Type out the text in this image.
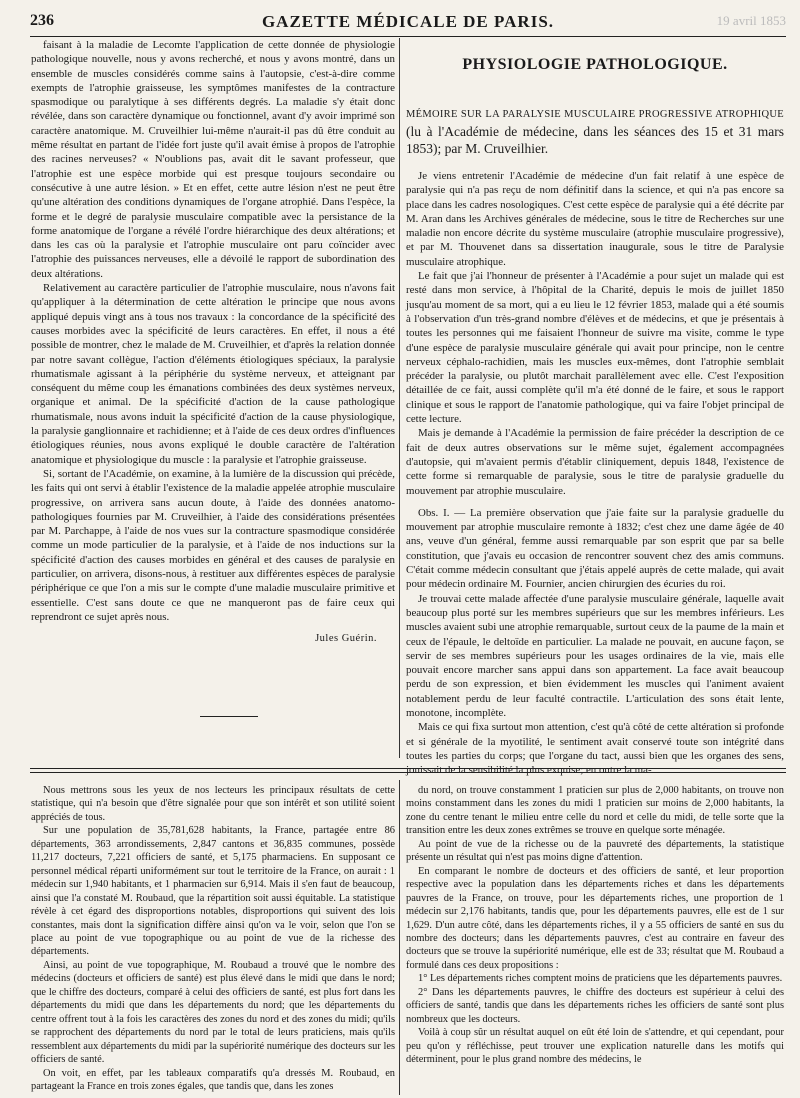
236	GAZETTE MÉDICALE DE PARIS.	19 avril 1853

faisant à la maladie de Lecomte l'application de cette donnée de physiologie pathologique nouvelle, nous y avons recherché, et nous y avons montré, dans un ensemble de muscles considérés comme sains à l'autopsie, c'est-à-dire comme exempts de l'atrophie graisseuse, les symptômes manifestes de la contracture spasmodique ou paralytique à ses différents degrés. La maladie s'y était donc révélée, dans son caractère dynamique ou fonctionnel, avant d'y avoir imprimé son caractère anatomique. M. Cruveilhier lui-même n'aurait-il pas dû être conduit au même résultat en partant de l'idée fort juste qu'il avait émise à propos de l'atrophie des racines nerveuses? « N'oublions pas, avait dit le savant professeur, que l'atrophie est une espèce morbide qui est presque toujours secondaire ou consécutive à une autre lésion. » Et en effet, cette autre lésion n'est ne peut être qu'une altération des conditions dynamiques de l'organe atrophié. Dans l'espèce, la forme et le degré de paralysie musculaire compatible avec la persistance de la forme anatomique de l'organe a révélé l'ordre hiérarchique des deux altérations; et dans les cas où la paralysie et l'atrophie musculaire ont paru coïncider avec l'atrophie des puissances nerveuses, elle a dévoilé le rapport de subordination des deux altérations.

Relativement au caractère particulier de l'atrophie musculaire, nous n'avons fait qu'appliquer à la détermination de cette altération le principe que nous avons appliqué depuis vingt ans à tous nos travaux : la concordance de la spécificité des causes morbides avec la spécificité de leurs caractères. En effet, il nous a été possible de montrer, chez le malade de M. Cruveilhier, et d'après la relation donnée par notre savant collègue, l'action d'éléments étiologiques spéciaux, la paralysie rhumatismale agissant à la périphérie du système nerveux, et atteignant par conséquent du même coup les émanations combinées des deux systèmes nerveux, organique et animal. De la spécificité d'action de la cause pathologique rhumatismale, nous avons induit la spécificité d'action de la cause physiologique, la paralysie ganglionnaire et rachidienne; et à l'aide de ces deux ordres d'influences étiologiques réunies, nous avons expliqué le double caractère de l'altération anatomique et physiologique du muscle : la paralysie et l'atrophie graisseuse.

Si, sortant de l'Académie, on examine, à la lumière de la discussion qui précède, les faits qui ont servi à établir l'existence de la maladie appelée atrophie musculaire progressive, on arrivera sans aucun doute, à l'aide des données anatomo-pathologiques fournies par M. Cruveilhier, à l'aide des considérations présentées par M. Parchappe, à l'aide de nos vues sur la contracture spasmodique considérée comme un mode particulier de la paralysie, et à l'aide de nos inductions sur la spécificité d'action des causes morbides en général et des causes de paralysie en particulier, on arrivera, disons-nous, à restituer aux différentes espèces de paralysie périphérique ce que l'on a mis sur le compte d'une maladie musculaire primitive et essentielle. C'est sans doute ce que ne manqueront pas de faire ceux qui reprendront ce sujet après nous.

Jules Guérin.

PHYSIOLOGIE PATHOLOGIQUE.

MÉMOIRE SUR LA PARALYSIE MUSCULAIRE PROGRESSIVE ATROPHIQUE (lu à l'Académie de médecine, dans les séances des 15 et 31 mars 1853); par M. Cruveilhier.

Je viens entretenir l'Académie de médecine d'un fait relatif à une espèce de paralysie qui n'a pas reçu de nom définitif dans la science, et qui n'a pas encore sa place dans les cadres nosologiques. C'est cette espèce de paralysie qui a été décrite par M. Aran dans les Archives générales de médecine, sous le titre de Recherches sur une maladie non encore décrite du système musculaire (atrophie musculaire progressive), et par M. Thouvenet dans sa dissertation inaugurale, sous le titre de Paralysie musculaire atrophique.

Le fait que j'ai l'honneur de présenter à l'Académie a pour sujet un malade qui est resté dans mon service, à l'hôpital de la Charité, depuis le mois de juillet 1850 jusqu'au moment de sa mort, qui a eu lieu le 12 février 1853, malade qui a été soumis à l'observation d'un très-grand nombre d'élèves et de médecins, et que je présentais à toutes les personnes qui me faisaient l'honneur de suivre ma visite, comme le type d'une espèce de paralysie musculaire générale qui avait pour principe, non le centre nerveux céphalo-rachidien, mais les muscles eux-mêmes, dont l'atrophie semblait précéder la paralysie, ou plutôt marchait parallèlement avec elle. C'est l'exposition détaillée de ce fait, aussi complète qu'il m'a été donné de le faire, et sous le rapport clinique et sous le rapport de l'anatomie pathologique, qui va faire l'objet principal de cette lecture.

Mais je demande à l'Académie la permission de faire précéder la description de ce fait de deux autres observations sur le même sujet, également accompagnées d'autopsie, qui m'avaient permis d'établir cliniquement, depuis 1848, l'existence de cette forme si remarquable de paralysie, sous le titre de paralysie graduelle du mouvement par atrophie musculaire.

Obs. I. — La première observation que j'aie faite sur la paralysie graduelle du mouvement par atrophie musculaire remonte à 1832; c'est chez une dame âgée de 40 ans, veuve d'un général, femme aussi remarquable par son esprit que par sa belle constitution, que j'avais eu occasion de rencontrer souvent chez des amis communs. C'était comme médecin consultant que j'étais appelé auprès de cette malade, qui avait pour médecin ordinaire M. Fournier, ancien chirurgien des écuries du roi.

Je trouvai cette malade affectée d'une paralysie musculaire générale, laquelle avait beaucoup plus porté sur les membres supérieurs que sur les membres inférieurs. Les muscles avaient subi une atrophie remarquable, surtout ceux de la paume de la main et ceux de l'épaule, le deltoïde en particulier. La malade ne pouvait, en aucune façon, se servir de ses membres supérieurs pour les usages ordinaires de la vie, mais elle pouvait encore marcher sans appui dans son appartement. La face avait beaucoup perdu de son expression, et bien évidemment les muscles qui l'animent avaient notablement perdu de leur faculté contractile. L'articulation des sons était lente, monotone, incomplète.

Mais ce qui fixa surtout mon attention, c'est qu'à côté de cette altération si profonde et si générale de la myotilité, le sentiment avait conservé toute son intégrité dans toutes les parties du corps; que l'organe du tact, aussi bien que les organes des sens, jouissait de la sensibilité la plus exquise; en outre la ma-

Nous mettrons sous les yeux de nos lecteurs les principaux résultats de cette statistique, qui n'a besoin que d'être signalée pour que son intérêt et son utilité soient appréciés de tous.

Sur une population de 35,781,628 habitants, la France, partagée entre 86 départements, 363 arrondissements, 2,847 cantons et 36,835 communes, possède 11,217 docteurs, 7,221 officiers de santé, et 5,175 pharmaciens. En supposant ce personnel médical réparti uniformément sur tout le territoire de la France, on aurait : 1 médecin sur 1,940 habitants, et 1 pharmacien sur 6,914. Mais il s'en faut de beaucoup, ainsi que l'a constaté M. Roubaud, que la répartition soit aussi équitable. La statistique révèle à cet égard des disproportions notables, disproportions qui suivent des lois constantes, mais dont la signification diffère ainsi qu'on va le voir, selon que l'on se place au point de vue topographique ou au point de vue de la richesse des départements.

Ainsi, au point de vue topographique, M. Roubaud a trouvé que le nombre des médecins (docteurs et officiers de santé) est plus élevé dans le midi que dans le nord; que le chiffre des docteurs, comparé à celui des officiers de santé, est plus fort dans les départements du midi que dans les départements du nord; que les départements du centre offrent tout à la fois les caractères des zones du nord et des zones du midi; qu'ils se rapprochent des départements du nord par le total de leurs praticiens, mais qu'ils ressemblent aux départements du midi par la supériorité numérique des docteurs sur les officiers de santé.

On voit, en effet, par les tableaux comparatifs qu'a dressés M. Roubaud, en partageant la France en trois zones égales, que tandis que, dans les zones

du nord, on trouve constamment 1 praticien sur plus de 2,000 habitants, on trouve non moins constamment dans les zones du midi 1 praticien sur moins de 2,000 habitants, la zone du centre tenant le milieu entre celle du nord et celle du midi, de telle sorte que la transition entre les deux zones extrêmes se trouve en quelque sorte ménagée.

Au point de vue de la richesse ou de la pauvreté des départements, la statistique présente un résultat qui n'est pas moins digne d'attention.

En comparant le nombre de docteurs et des officiers de santé, et leur proportion respective avec la population dans les départements riches et dans les départements pauvres de la France, on trouve, pour les départements riches, une proportion de 1 médecin sur 2,176 habitants, tandis que, pour les départements pauvres, elle est de 1 sur 1,629. D'un autre côté, dans les départements riches, il y a 55 officiers de santé en sus du nombre des docteurs; dans les départements pauvres, c'est au contraire en faveur des docteurs que se trouve la supériorité numérique, elle est de 33; résultat que M. Roubaud a formulé dans ces deux propositions :

1° Les départements riches comptent moins de praticiens que les départements pauvres.

2° Dans les départements pauvres, le chiffre des docteurs est supérieur à celui des officiers de santé, tandis que dans les départements riches les officiers de santé sont plus nombreux que les docteurs.

Voilà à coup sûr un résultat auquel on eût été loin de s'attendre, et qui cependant, pour peu qu'on y réfléchisse, peut trouver une explication naturelle dans les motifs qui déterminent, pour le plus grand nombre des médecins, le
